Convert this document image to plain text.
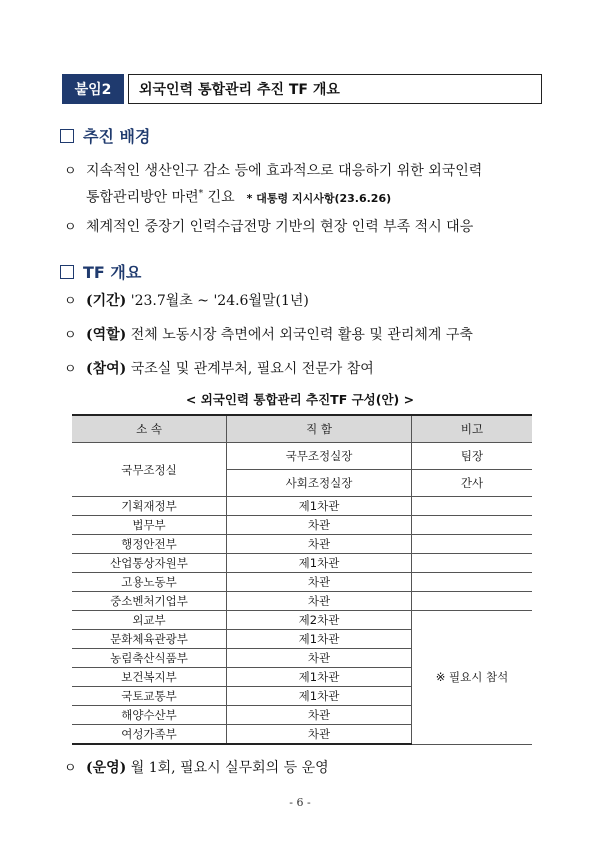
붙임2	외국인력 통합관리 추진 TF 개요
추진 배경
ㅇ 지속적인 생산인구 감소 등에 효과적으로 대응하기 위한 외국인력
통합관리방안 마련* 긴요 * 대통령 지시사항(23.6.26)
ㅇ 체계적인 중장기 인력수급전망 기반의 현장 인력 부족 적시 대응
TF 개요
ㅇ (기간) '23.7월초 ~ '24.6월말(1년)
ㅇ (역할) 전체 노동시장 측면에서 외국인력 활용 및 관리체계 구축
ㅇ (참여) 국조실 및 관계부처, 필요시 전문가 참여
< 외국인력 통합관리 추진TF 구성(안) >
소 속	직 함	비고
국무조정실	국무조정실장	팀장
	사회조정실장	간사
기획재정부	제1차관	
법무부	차관	
행정안전부	차관	
산업통상자원부	제1차관	
고용노동부	차관	
중소벤처기업부	차관	
외교부	제2차관	※ 필요시 참석
문화체육관광부	제1차관	
농림축산식품부	차관	
보건복지부	제1차관	
국토교통부	제1차관	
해양수산부	차관	
여성가족부	차관	
ㅇ (운영) 월 1회, 필요시 실무회의 등 운영
- 6 -
